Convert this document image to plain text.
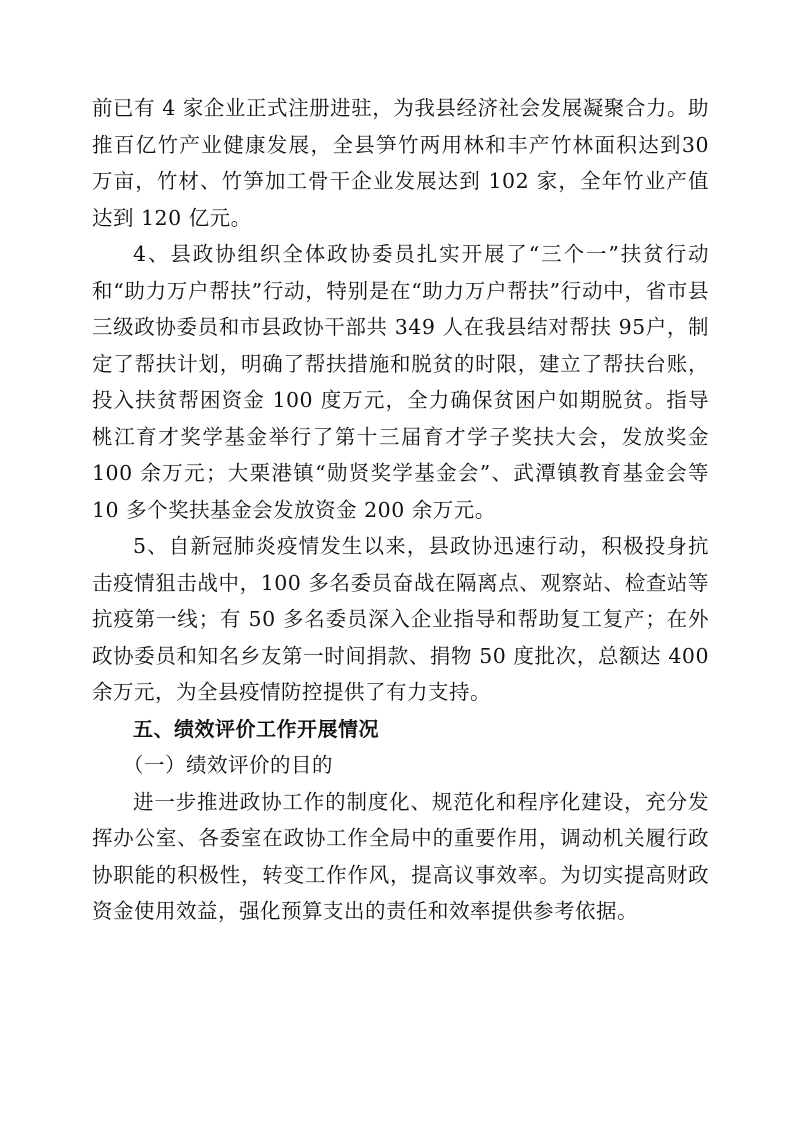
前已有 4 家企业正式注册进驻，为我县经济社会发展凝聚合力。助推百亿竹产业健康发展，全县笋竹两用林和丰产竹林面积达到30 万亩，竹材、竹笋加工骨干企业发展达到 102 家，全年竹业产值达到 120 亿元。

4、县政协组织全体政协委员扎实开展了“三个一”扶贫行动和“助力万户帮扶”行动，特别是在“助力万户帮扶”行动中，省市县三级政协委员和市县政协干部共 349 人在我县结对帮扶 95户，制定了帮扶计划，明确了帮扶措施和脱贫的时限，建立了帮扶台账，投入扶贫帮困资金 100 度万元，全力确保贫困户如期脱贫。指导桃江育才奖学基金举行了第十三届育才学子奖扶大会，发放奖金 100 余万元；大栗港镇“勋贤奖学基金会”、武潭镇教育基金会等 10 多个奖扶基金会发放资金 200 余万元。

5、自新冠肺炎疫情发生以来，县政协迅速行动，积极投身抗击疫情狙击战中，100 多名委员奋战在隔离点、观察站、检查站等抗疫第一线；有 50 多名委员深入企业指导和帮助复工复产；在外政协委员和知名乡友第一时间捐款、捐物 50 度批次，总额达 400 余万元，为全县疫情防控提供了有力支持。

五、绩效评价工作开展情况

（一）绩效评价的目的

进一步推进政协工作的制度化、规范化和程序化建设，充分发挥办公室、各委室在政协工作全局中的重要作用，调动机关履行政协职能的积极性，转变工作作风，提高议事效率。为切实提高财政资金使用效益，强化预算支出的责任和效率提供参考依据。
